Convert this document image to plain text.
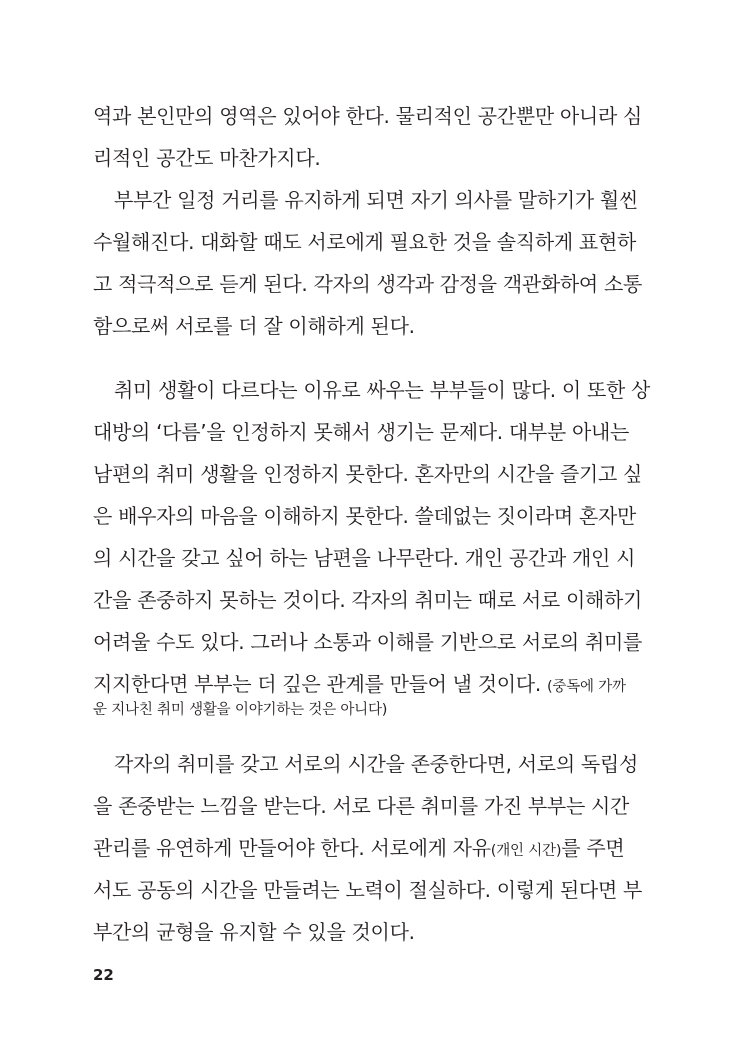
역과 본인만의 영역은 있어야 한다. 물리적인 공간뿐만 아니라 심
리적인 공간도 마찬가지다.
부부간 일정 거리를 유지하게 되면 자기 의사를 말하기가 훨씬
수월해진다. 대화할 때도 서로에게 필요한 것을 솔직하게 표현하
고 적극적으로 듣게 된다. 각자의 생각과 감정을 객관화하여 소통
함으로써 서로를 더 잘 이해하게 된다.
취미 생활이 다르다는 이유로 싸우는 부부들이 많다. 이 또한 상
대방의 ‘다름’을 인정하지 못해서 생기는 문제다. 대부분 아내는
남편의 취미 생활을 인정하지 못한다. 혼자만의 시간을 즐기고 싶
은 배우자의 마음을 이해하지 못한다. 쓸데없는 짓이라며 혼자만
의 시간을 갖고 싶어 하는 남편을 나무란다. 개인 공간과 개인 시
간을 존중하지 못하는 것이다. 각자의 취미는 때로 서로 이해하기
어려울 수도 있다. 그러나 소통과 이해를 기반으로 서로의 취미를
지지한다면 부부는 더 깊은 관계를 만들어 낼 것이다. (중독에 가까
운 지나친 취미 생활을 이야기하는 것은 아니다)
각자의 취미를 갖고 서로의 시간을 존중한다면, 서로의 독립성
을 존중받는 느낌을 받는다. 서로 다른 취미를 가진 부부는 시간
관리를 유연하게 만들어야 한다. 서로에게 자유(개인 시간)를 주면
서도 공동의 시간을 만들려는 노력이 절실하다. 이렇게 된다면 부
부간의 균형을 유지할 수 있을 것이다.
22
